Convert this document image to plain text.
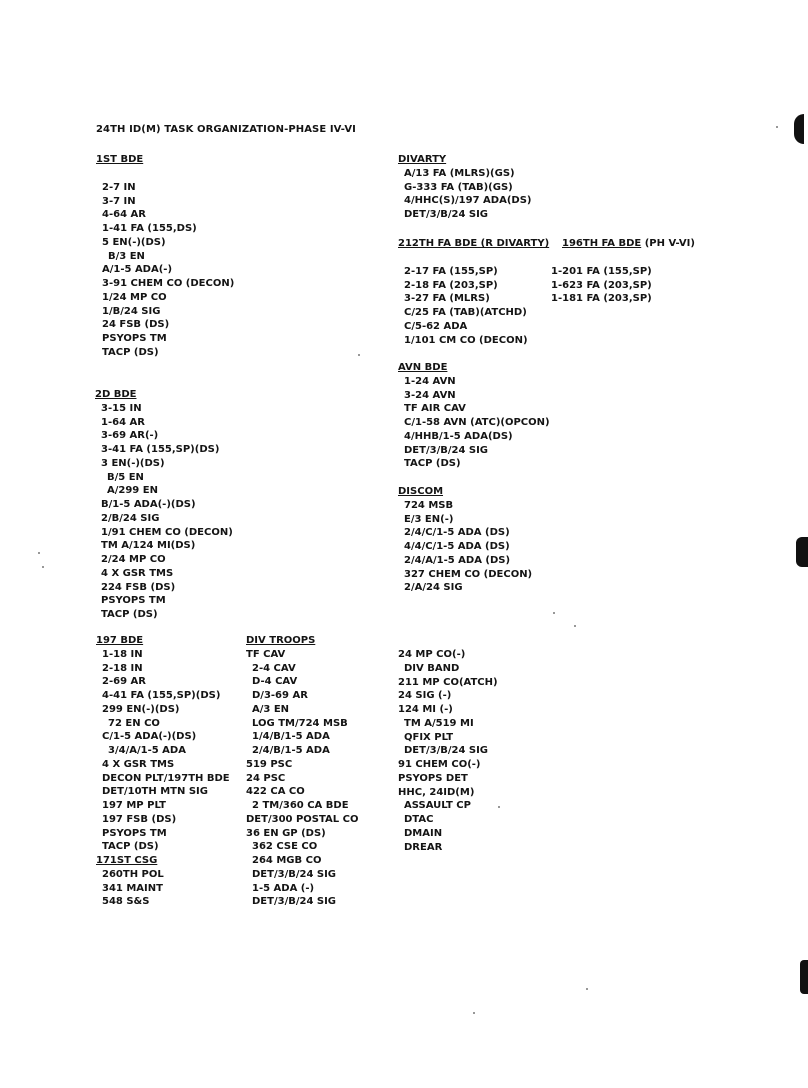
24TH ID(M) TASK ORGANIZATION-PHASE IV-VI
1ST BDE
2-7 IN
3-7 IN
4-64 AR
1-41 FA (155,DS)
5 EN(-)(DS)
B/3 EN
A/1-5 ADA(-)
3-91 CHEM CO (DECON)
1/24 MP CO
1/B/24 SIG
24 FSB (DS)
PSYOPS TM
TACP (DS)
2D BDE
3-15 IN
1-64 AR
3-69 AR(-)
3-41 FA (155,SP)(DS)
3 EN(-)(DS)
B/5 EN
A/299 EN
B/1-5 ADA(-)(DS)
2/B/24 SIG
1/91 CHEM CO (DECON)
TM A/124 MI(DS)
2/24 MP CO
4 X GSR TMS
224 FSB (DS)
PSYOPS TM
TACP (DS)
197 BDE
1-18 IN
2-18 IN
2-69 AR
4-41 FA (155,SP)(DS)
299 EN(-)(DS)
72 EN CO
C/1-5 ADA(-)(DS)
3/4/A/1-5 ADA
4 X GSR TMS
DECON PLT/197TH BDE
DET/10TH MTN SIG
197 MP PLT
197 FSB (DS)
PSYOPS TM
TACP (DS)
171ST CSG
260TH POL
341 MAINT
548 S&S
DIV TROOPS
TF CAV
2-4 CAV
D-4 CAV
D/3-69 AR
A/3 EN
LOG TM/724 MSB
1/4/B/1-5 ADA
2/4/B/1-5 ADA
519 PSC
24 PSC
422 CA CO
2 TM/360 CA BDE
DET/300 POSTAL CO
36 EN GP (DS)
362 CSE CO
264 MGB CO
DET/3/B/24 SIG
1-5 ADA (-)
DET/3/B/24 SIG
24 MP CO(-)
DIV BAND
211 MP CO(ATCH)
24 SIG (-)
124 MI (-)
TM A/519 MI
QFIX PLT
DET/3/B/24 SIG
91 CHEM CO(-)
PSYOPS DET
HHC, 24ID(M)
ASSAULT CP
DTAC
DMAIN
DREAR
DIVARTY
A/13 FA (MLRS)(GS)
G-333 FA (TAB)(GS)
4/HHC(S)/197 ADA(DS)
DET/3/B/24 SIG
212TH FA BDE (R DIVARTY)
2-17 FA (155,SP)
2-18 FA (203,SP)
3-27 FA (MLRS)
C/25 FA (TAB)(ATCHD)
C/5-62 ADA
1/101 CM CO (DECON)
196TH FA BDE (PH V-VI)
1-201 FA (155,SP)
1-623 FA (203,SP)
1-181 FA (203,SP)
AVN BDE
1-24 AVN
3-24 AVN
TF AIR CAV
C/1-58 AVN (ATC)(OPCON)
4/HHB/1-5 ADA(DS)
DET/3/B/24 SIG
TACP (DS)
DISCOM
724 MSB
E/3 EN(-)
2/4/C/1-5 ADA (DS)
4/4/C/1-5 ADA (DS)
2/4/A/1-5 ADA (DS)
327 CHEM CO (DECON)
2/A/24 SIG
